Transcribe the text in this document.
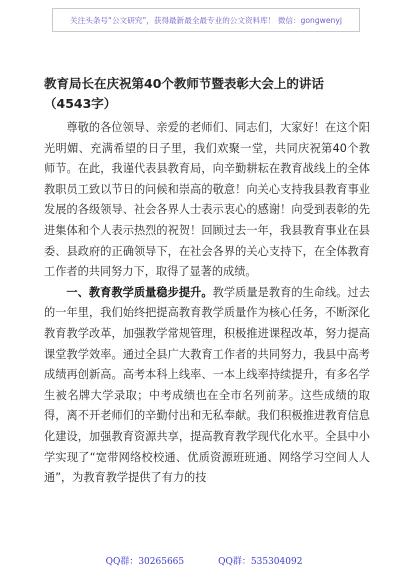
关注头条号“公文研究”，获得最新最全最专业的公文资料库！ 微信：gongwenyj
教育局长在庆祝第40个教师节暨表彰大会上的讲话（4543字）

尊敬的各位领导、亲爱的老师们、同志们，大家好！在这个阳光明媚、充满希望的日子里，我们欢聚一堂，共同庆祝第40个教师节。在此，我谨代表县教育局，向辛勤耕耘在教育战线上的全体教职员工致以节日的问候和崇高的敬意！向关心支持我县教育事业发展的各级领导、社会各界人士表示衷心的感谢！向受到表彰的先进集体和个人表示热烈的祝贺！回顾过去一年，我县教育事业在县委、县政府的正确领导下，在社会各界的关心支持下，在全体教育工作者的共同努力下，取得了显著的成绩。

一、教育教学质量稳步提升。教学质量是教育的生命线。过去的一年里，我们始终把提高教育教学质量作为核心任务，不断深化教育教学改革，加强教学常规管理，积极推进课程改革，努力提高课堂教学效率。通过全县广大教育工作者的共同努力，我县中高考成绩再创新高。高考本科上线率、一本上线率持续提升，有多名学生被名牌大学录取；中考成绩也在全市名列前茅。这些成绩的取得，离不开老师们的辛勤付出和无私奉献。我们积极推进教育信息化建设，加强教育资源共享，提高教育教学现代化水平。全县中小学实现了“宽带网络校校通、优质资源班班通、网络学习空间人人通”，为教育教学提供了有力的技

QQ群：30265665	QQ群：535304092
